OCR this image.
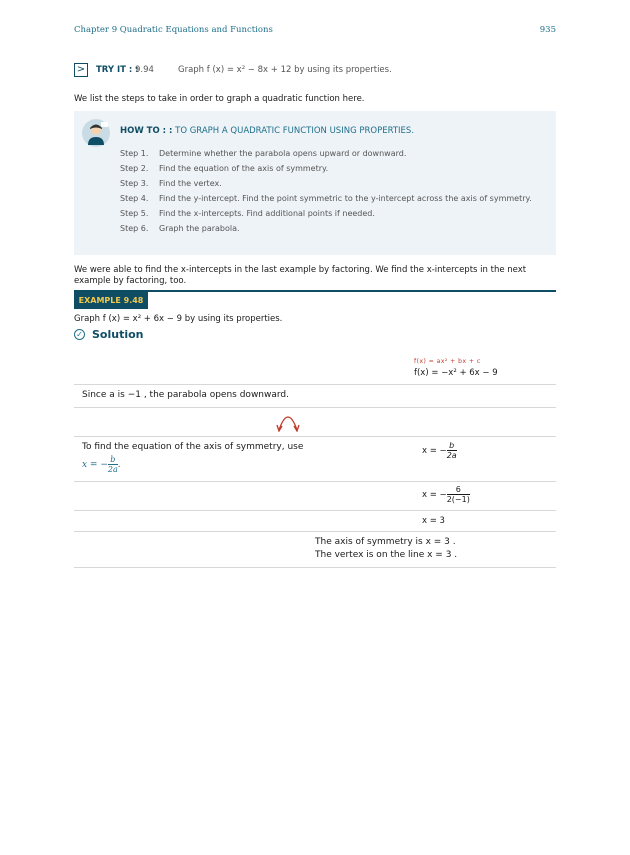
Chapter 9 Quadratic Equations and Functions	935
>	TRY IT : :
9.94	Graph f (x) = x² − 8x + 12 by using its properties.
We list the steps to take in order to graph a quadratic function here.
HOW TO : : TO GRAPH A QUADRATIC FUNCTION USING PROPERTIES.
Step 1. Determine whether the parabola opens upward or downward.
Step 2. Find the equation of the axis of symmetry.
Step 3. Find the vertex.
Step 4. Find the y-intercept. Find the point symmetric to the y-intercept across the axis of symmetry.
Step 5. Find the x-intercepts. Find additional points if needed.
Step 6. Graph the parabola.
We were able to find the x-intercepts in the last example by factoring. We find the x-intercepts in the next example by factoring, too.
EXAMPLE 9.48
Graph f (x) = x² + 6x − 9 by using its properties.
✓ Solution
f(x) = ax² + bx + c
f(x) = −x² + 6x − 9
Since a is −1 , the parabola opens downward.
To find the equation of the axis of symmetry, use
x = − $\frac{b}{2a}$ .
x = − $\frac{b}{2a}$
x = − $\frac{6}{2(-1)}$
x = 3
The axis of symmetry is x = 3 .
The vertex is on the line x = 3 .
